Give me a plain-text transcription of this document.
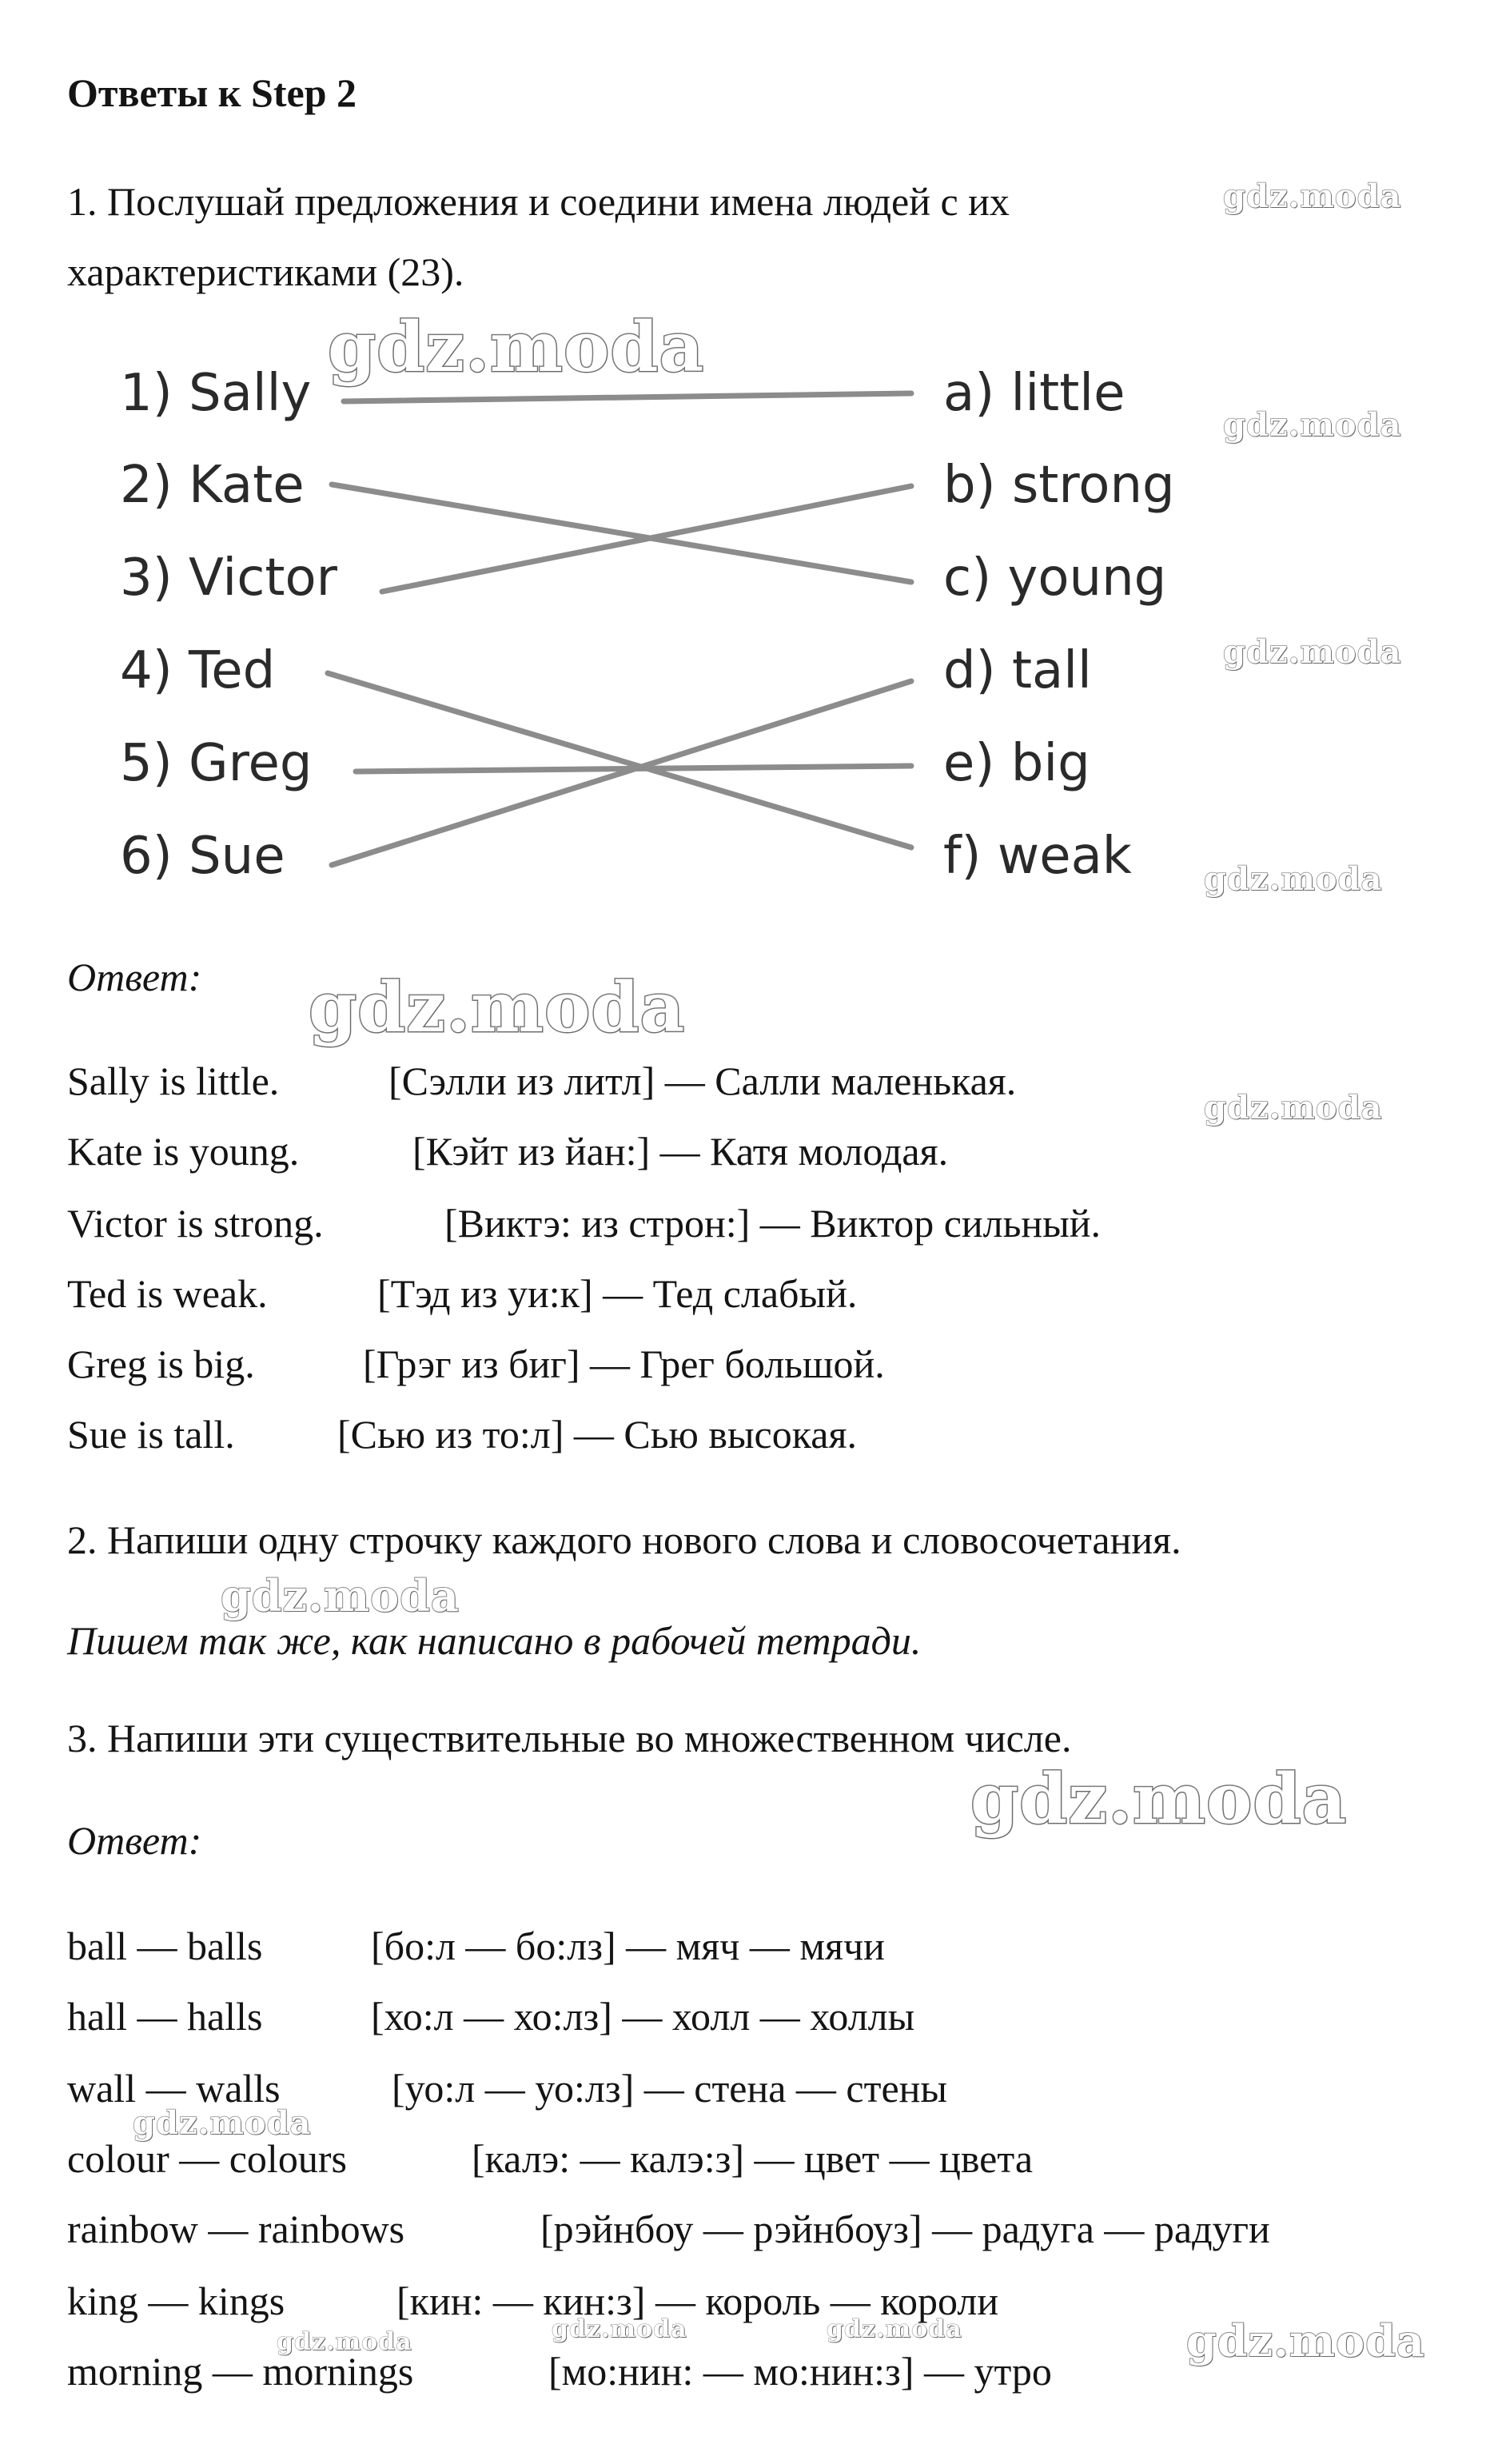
Ответы к Step 2
1. Послушай предложения и соедини имена людей с их
характеристиками (23).
1) Sally
2) Kate
3) Victor
4) Ted
5) Greg
6) Sue
a) little
b) strong
c) young
d) tall
e) big
f) weak
Ответ:
Sally is little.	[Сэлли из литл] — Салли маленькая.
Kate is young.	[Кэйт из йан:] — Катя молодая.
Victor is strong.	[Виктэ: из строн:] — Виктор сильный.
Ted is weak.	[Тэд из уи:к] — Тед слабый.
Greg is big.	[Грэг из биг] — Грег большой.
Sue is tall.	[Сью из то:л] — Сью высокая.
2. Напиши одну строчку каждого нового слова и словосочетания.
Пишем так же, как написано в рабочей тетради.
3. Напиши эти существительные во множественном числе.
Ответ:
ball — balls	[бо:л — бо:лз] — мяч — мячи
hall — halls	[хо:л — хо:лз] — холл — холлы
wall — walls	[уо:л — уо:лз] — стена — стены
colour — colours	[калэ: — калэ:з] — цвет — цвета
rainbow — rainbows	[рэйнбоу — рэйнбоуз] — радуга — радуги
king — kings	[кин: — кин:з] — король — короли
morning — mornings	[мо:нин: — мо:нин:з] — утро
gdz.moda
gdz.moda
gdz.moda
gdz.moda
gdz.moda
gdz.moda
gdz.moda
gdz.moda
gdz.moda
gdz.moda
gdz.moda	gdz.moda	gdz.moda	gdz.moda
